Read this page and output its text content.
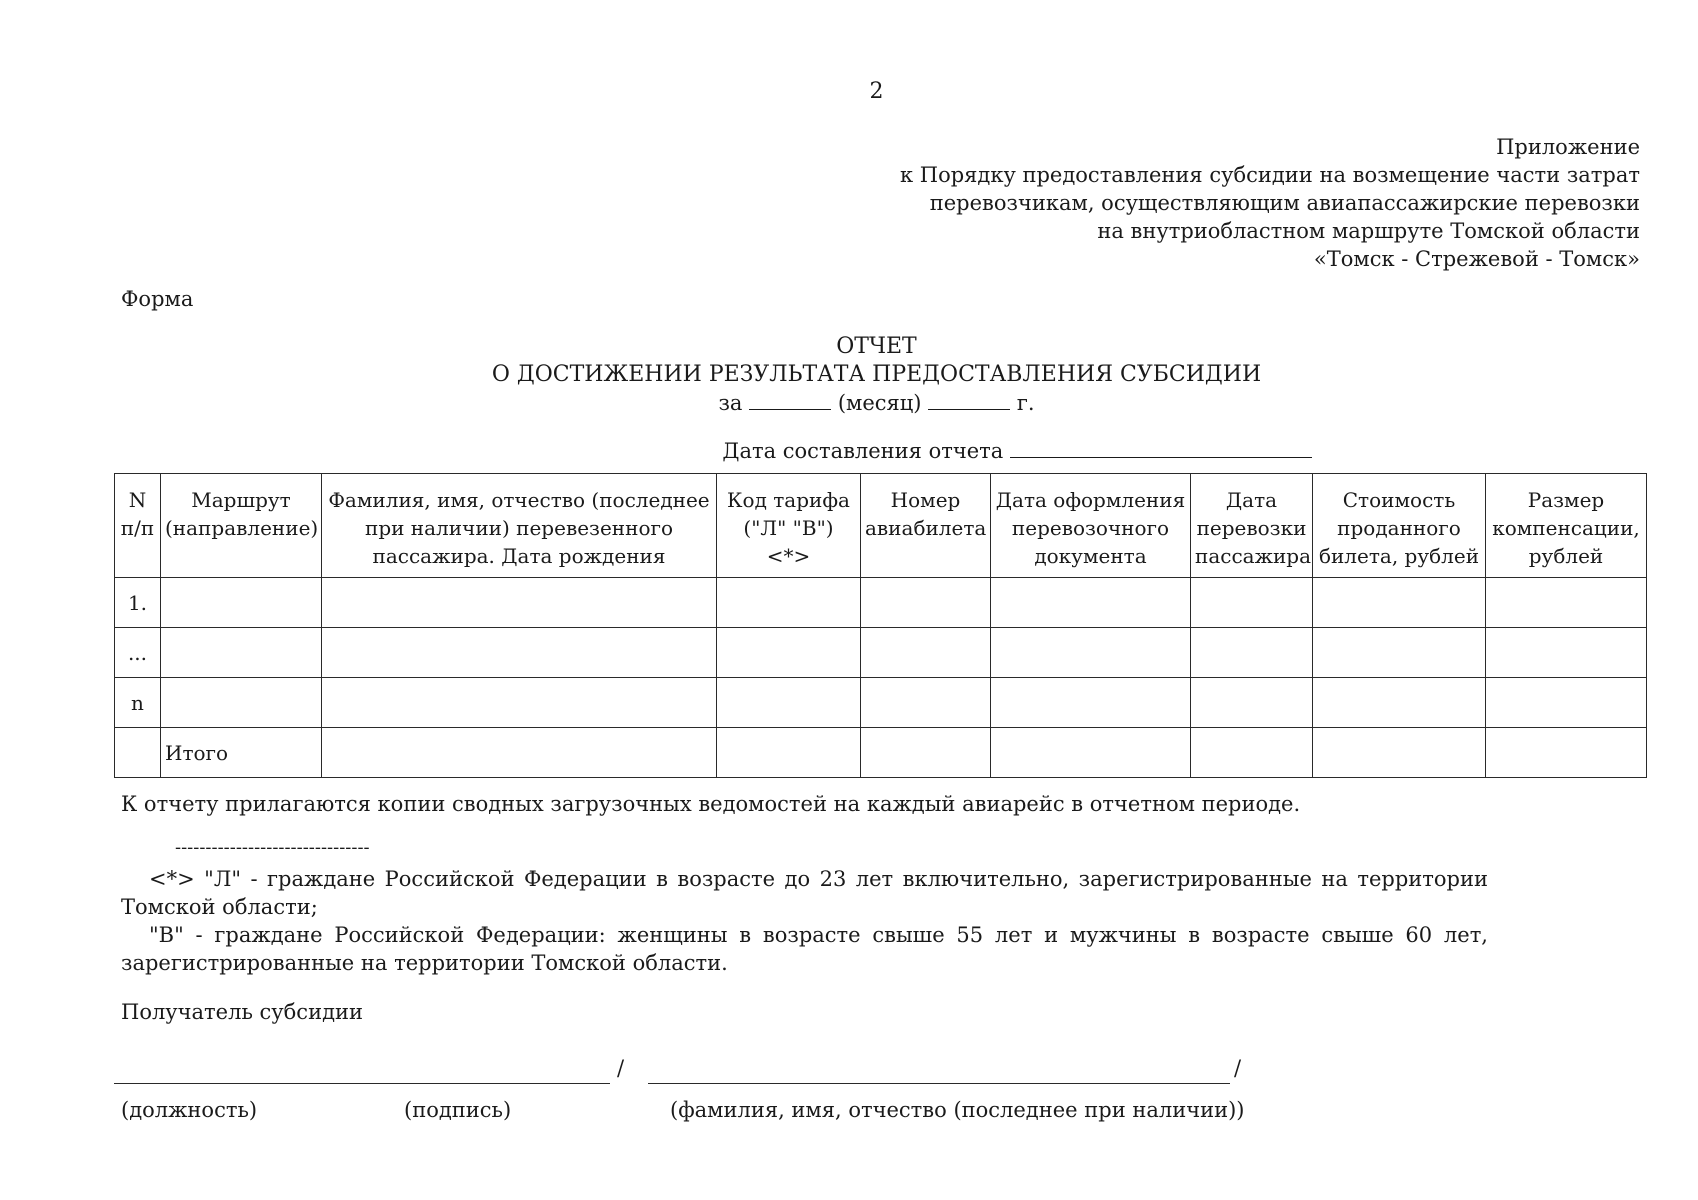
2
Приложение
к Порядку предоставления субсидии на возмещение части затрат
перевозчикам, осуществляющим авиапассажирские перевозки
на внутриобластном маршруте Томской области
«Томск - Стрежевой - Томск»
Форма
ОТЧЕТ
О ДОСТИЖЕНИИ РЕЗУЛЬТАТА ПРЕДОСТАВЛЕНИЯ СУБСИДИИ
за	(месяц)	г.
Дата составления отчета
N п/п	Маршрут (направление)	Фамилия, имя, отчество (последнее при наличии) перевезенного пассажира. Дата рождения	Код тарифа ("Л" "В") <*>	Номер авиабилета	Дата оформления перевозочного документа	Дата перевозки пассажира	Стоимость проданного билета, рублей	Размер компенсации, рублей
1.								
...								
n								
	Итого							
К отчету прилагаются копии сводных загрузочных ведомостей на каждый авиарейс в отчетном периоде.
--------------------------------

<*> "Л" - граждане Российской Федерации в возрасте до 23 лет включительно, зарегистрированные на территории Томской области;

"В" - граждане Российской Федерации: женщины в возрасте свыше 55 лет и мужчины в возрасте свыше 60 лет, зарегистрированные на территории Томской области.

Получатель субсидии
/	/
(должность)	(подпись)	(фамилия, имя, отчество (последнее при наличии))
